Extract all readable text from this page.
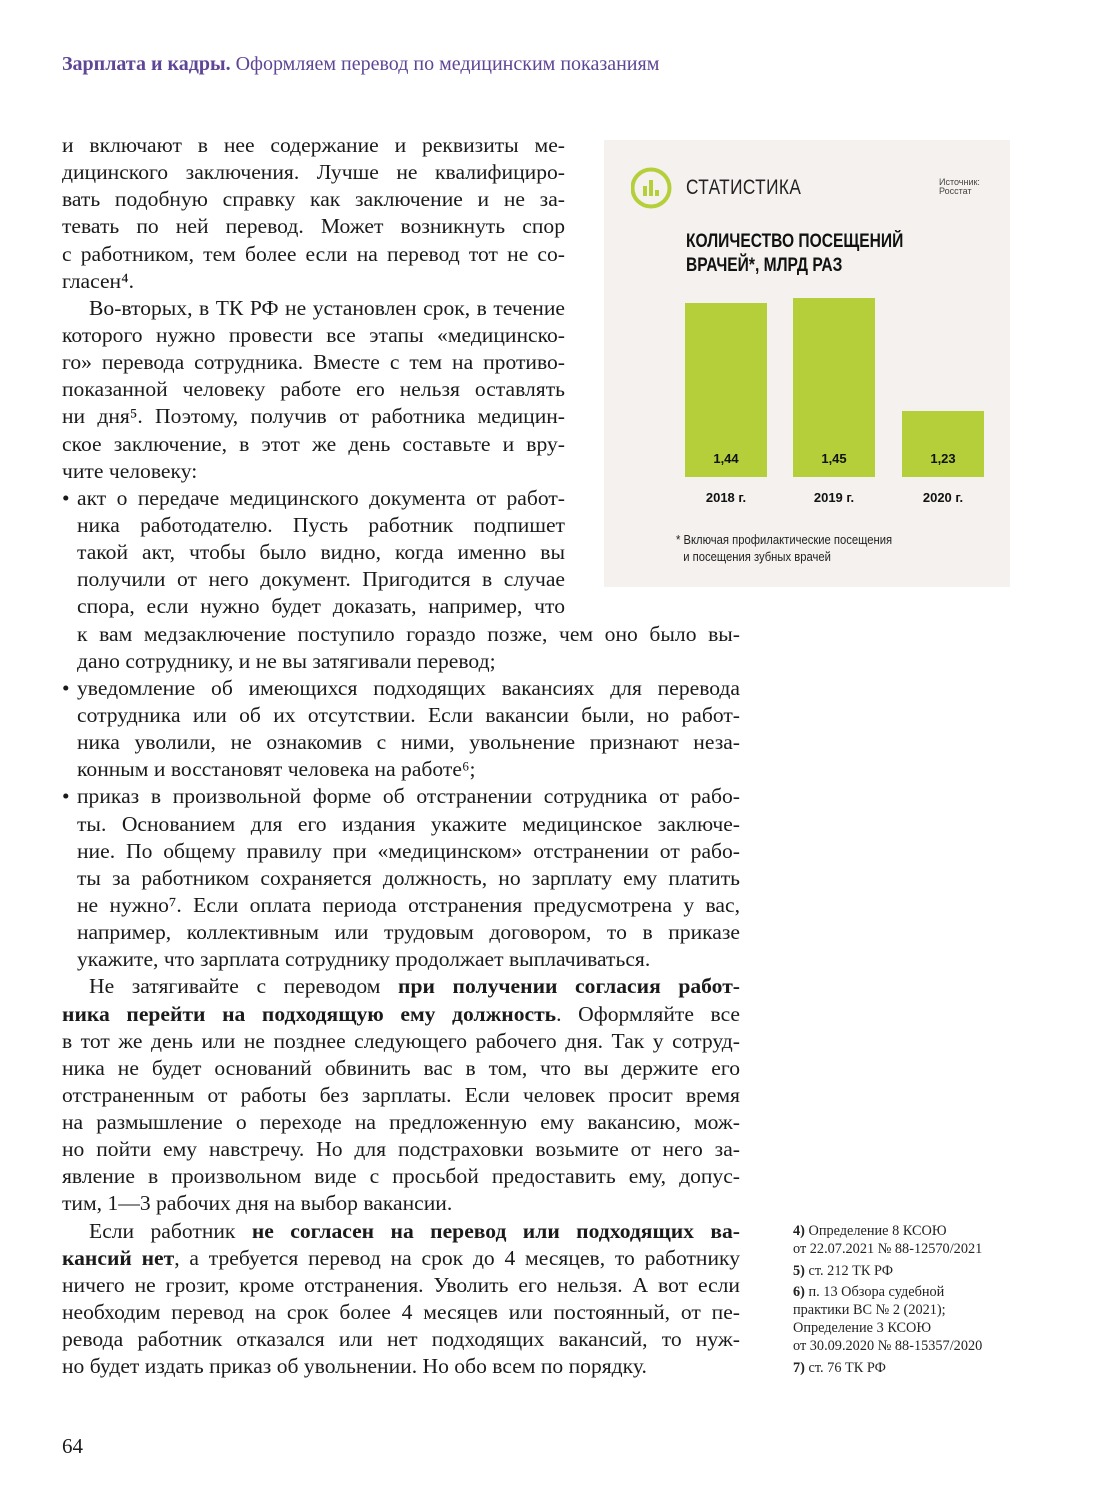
Зарплата и кадры. Оформляем перевод по медицинским показаниям
и включают в нее содержание и реквизиты ме-
дицинского заключения. Лучше не квалифициро-
вать подобную справку как заключение и не за-
тевать по ней перевод. Может возникнуть спор
с работником, тем более если на перевод тот не со-
гласен⁴.
Во-вторых, в ТК РФ не установлен срок, в течение
которого нужно провести все этапы «медицинско-
го» перевода сотрудника. Вместе с тем на противо-
показанной человеку работе его нельзя оставлять
ни дня⁵. Поэтому, получив от работника медицин-
ское заключение, в этот же день составьте и вру-
чите человеку:
• акт о передаче медицинского документа от работ-
ника работодателю. Пусть работник подпишет
такой акт, чтобы было видно, когда именно вы
получили от него документ. Пригодится в случае
спора, если нужно будет доказать, например, что
к вам медзаключение поступило гораздо позже, чем оно было вы-
дано сотруднику, и не вы затягивали перевод;
• уведомление об имеющихся подходящих вакансиях для перевода
сотрудника или об их отсутствии. Если вакансии были, но работ-
ника уволили, не ознакомив с ними, увольнение признают неза-
конным и восстановят человека на работе⁶;
• приказ в произвольной форме об отстранении сотрудника от рабо-
ты. Основанием для его издания укажите медицинское заключе-
ние. По общему правилу при «медицинском» отстранении от рабо-
ты за работником сохраняется должность, но зарплату ему платить
не нужно⁷. Если оплата периода отстранения предусмотрена у вас,
например, коллективным или трудовым договором, то в приказе
укажите, что зарплата сотруднику продолжает выплачиваться.
Не затягивайте с переводом при получении согласия работ-
ника перейти на подходящую ему должность. Оформляйте все
в тот же день или не позднее следующего рабочего дня. Так у сотруд-
ника не будет оснований обвинить вас в том, что вы держите его
отстраненным от работы без зарплаты. Если человек просит время
на размышление о переходе на предложенную ему вакансию, мож-
но пойти ему навстречу. Но для подстраховки возьмите от него за-
явление в произвольном виде с просьбой предоставить ему, допус-
тим, 1—3 рабочих дня на выбор вакансии.
Если работник не согласен на перевод или подходящих ва-
кансий нет, а требуется перевод на срок до 4 месяцев, то работнику
ничего не грозит, кроме отстранения. Уволить его нельзя. А вот если
необходим перевод на срок более 4 месяцев или постоянный, от пе-
ревода работник отказался или нет подходящих вакансий, то нуж-
но будет издать приказ об увольнении. Но обо всем по порядку.
СТАТИСТИКА	Источник:
Росстат
КОЛИЧЕСТВО ПОСЕЩЕНИЙ
ВРАЧЕЙ*, МЛРД РАЗ
1,44
2018 г.
1,45
2019 г.
1,23
2020 г.
* Включая профилактические посещения
и посещения зубных врачей
4) Определение 8 КСОЮ
от 22.07.2021 № 88-12570/2021
5) ст. 212 ТК РФ
6) п. 13 Обзора судебной
практики ВС № 2 (2021);
Определение 3 КСОЮ
от 30.09.2020 № 88-15357/2020
7) ст. 76 ТК РФ
64
